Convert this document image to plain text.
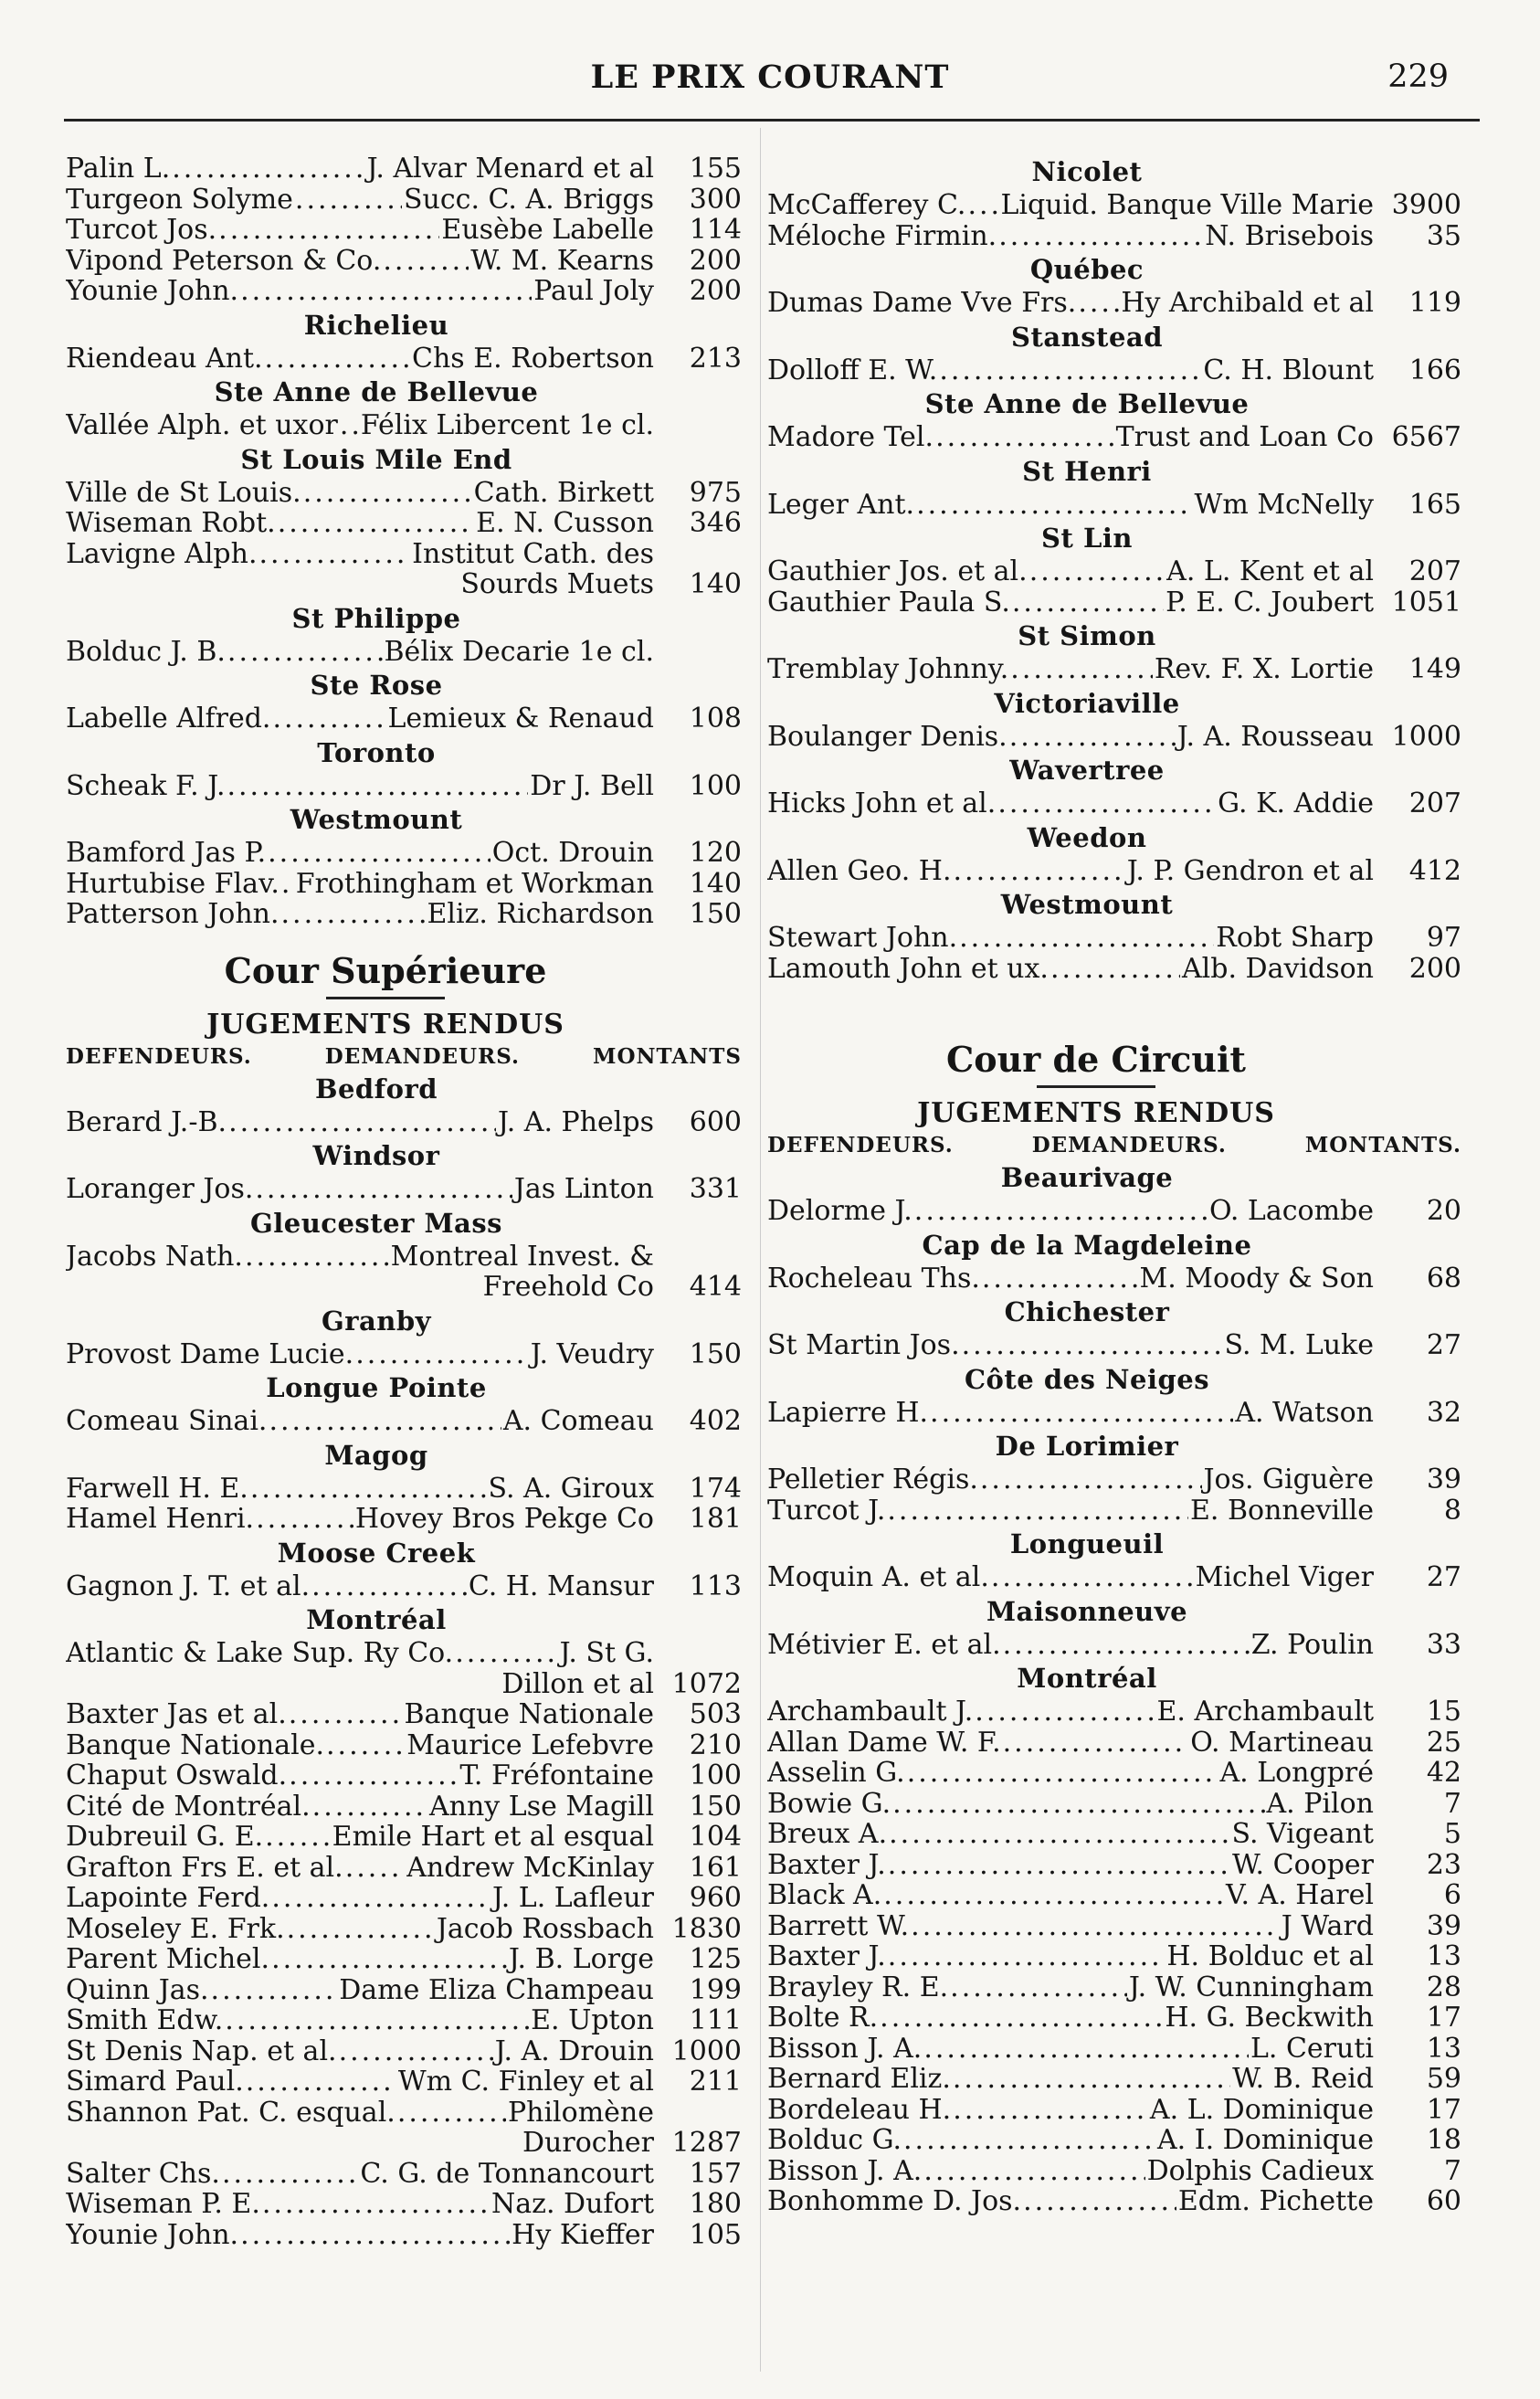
LE PRIX COURANT	229
Palin L. .....	J. Alvar Menard et al	155
Turgeon Solyme .....	Succ. C. A. Briggs	300
Turcot Jos. .....	Eusèbe Labelle	114
Vipond Peterson & Co. .....	W. M. Kearns	200
Younie John. .....	Paul Joly	200
Richelieu
Riendeau Ant. .....	Chs E. Robertson	213
Ste Anne de Bellevue
Vallée Alph. et uxor ..... Félix Libercent 1e cl.
St Louis Mile End
Ville de St Louis. .....	Cath. Birkett	975
Wiseman Robt. .....	E. N. Cusson	346
Lavigne Alph. .....	Institut Cath. des
Sourds Muets	140
St Philippe
Bolduc J. B. .....	Bélix Decarie 1e cl.
Ste Rose
Labelle Alfred. .....	Lemieux & Renaud	108
Toronto
Scheak F. J. .....	Dr J. Bell	100
Westmount
Bamford Jas P. .....	Oct. Drouin	120
Hurtubise Flav. ..... Frothingham et Workman	140
Patterson John. .....	Eliz. Richardson	150
Cour Supérieure
JUGEMENTS RENDUS
DEFENDEURS.	DEMANDEURS.	MONTANTS
Bedford
Berard J.-B. .....	J. A. Phelps	600
Windsor
Loranger Jos. .....	Jas Linton	331
Gleucester Mass
Jacobs Nath. .....	Montreal Invest. &
Freehold Co	414
Granby
Provost Dame Lucie. .....	J. Veudry	150
Longue Pointe
Comeau Sinai. .....	A. Comeau	402
Magog
Farwell H. E. .....	S. A. Giroux	174
Hamel Henri. .....	Hovey Bros Pekge Co	181
Moose Creek
Gagnon J. T. et al. .....	C. H. Mansur	113
Montréal
Atlantic & Lake Sup. Ry Co. .....	J. St G.
Dillon et al 1072
Baxter Jas et al. .....	Banque Nationale	503
Banque Nationale. .....	Maurice Lefebvre	210
Chaput Oswald. .....	T. Fréfontaine	100
Cité de Montréal. .....	Anny Lse Magill	150
Dubreuil G. E. .....	Emile Hart et al esqual	104
Grafton Frs E. et al. ..... Andrew McKinlay	161
Lapointe Ferd. .....	J. L. Lafleur	960
Moseley E. Frk. .....	Jacob Rossbach 1830
Parent Michel. .....	J. B. Lorge	125
Quinn Jas. .....	Dame Eliza Champeau	199
Smith Edw. .....	E. Upton	111
St Denis Nap. et al. .....	J. A. Drouin 1000
Simard Paul. .....	Wm C. Finley et al	211
Shannon Pat. C. esqual. .....	Philomène
Durocher 1287
Salter Chs. .....	C. G. de Tonnancourt	157
Wiseman P. E. .....	Naz. Dufort	180
Younie John. .....	Hy Kieffer	105
Nicolet
McCafferey C. ..... Liquid. Banque Ville Marie 3900
Méloche Firmin. .....	N. Brisebois	35
Québec
Dumas Dame Vve Frs. ..... Hy Archibald et al	119
Stanstead
Dolloff E. W. .....	C. H. Blount	166
Ste Anne de Bellevue
Madore Tel. .....	Trust and Loan Co 6567
St Henri
Leger Ant. .....	Wm McNelly	165
St Lin
Gauthier Jos. et al. .....	A. L. Kent et al	207
Gauthier Paula S. .....	P. E. C. Joubert 1051
St Simon
Tremblay Johnny. .....	Rev. F. X. Lortie	149
Victoriaville
Boulanger Denis. .....	J. A. Rousseau 1000
Wavertree
Hicks John et al. .....	G. K. Addie	207
Weedon
Allen Geo. H. .....	J. P. Gendron et al	412
Westmount
Stewart John. .....	Robt Sharp	97
Lamouth John et ux. .....	Alb. Davidson	200
Cour de Circuit
JUGEMENTS RENDUS
DEFENDEURS.	DEMANDEURS.	MONTANTS.
Beaurivage
Delorme J. .....	O. Lacombe	20
Cap de la Magdeleine
Rocheleau Ths. .....	M. Moody & Son	68
Chichester
St Martin Jos. .....	S. M. Luke	27
Côte des Neiges
Lapierre H. .....	A. Watson	32
De Lorimier
Pelletier Régis. .....	Jos. Giguère	39
Turcot J. .....	E. Bonneville	8
Longueuil
Moquin A. et al. .....	Michel Viger	27
Maisonneuve
Métivier E. et al. .....	Z. Poulin	33
Montréal
Archambault J. .....	E. Archambault	15
Allan Dame W. F. .....	O. Martineau	25
Asselin G. .....	A. Longpré	42
Bowie G. .....	A. Pilon	7
Breux A. .....	S. Vigeant	5
Baxter J. .....	W. Cooper	23
Black A. .....	V. A. Harel	6
Barrett W. .....	J Ward	39
Baxter J. .....	H. Bolduc et al	13
Brayley R. E. .....	J. W. Cunningham	28
Bolte R. .....	H. G. Beckwith	17
Bisson J. A. .....	L. Ceruti	13
Bernard Eliz. .....	W. B. Reid	59
Bordeleau H. .....	A. L. Dominique	17
Bolduc G. .....	A. I. Dominique	18
Bisson J. A. .....	Dolphis Cadieux	7
Bonhomme D. Jos. .....	Edm. Pichette	60
